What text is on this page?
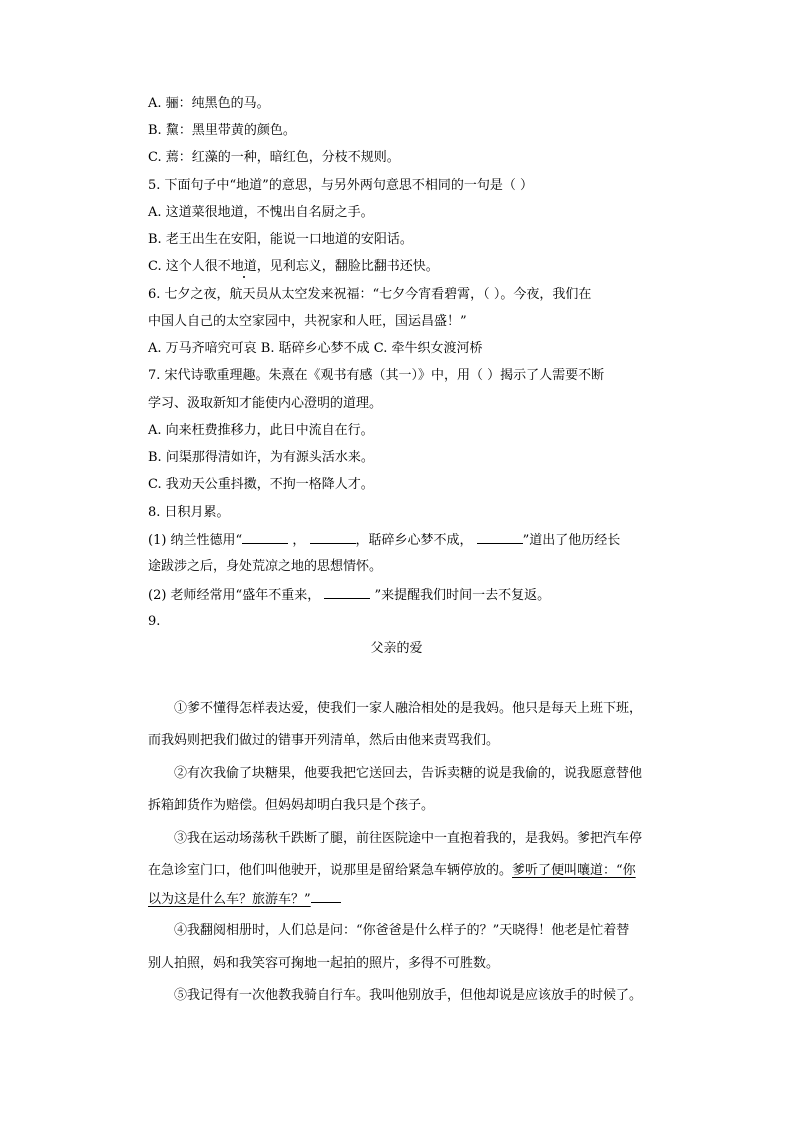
A. 骊：纯黑色的马。
B. 黧：黑里带黄的颜色。
C. 蔫：红藻的一种，暗红色，分枝不规则。
5. 下面句子中“地道”的意思，与另外两句意思不相同的一句是（ ）
A. 这道菜很地道，不愧出自名厨之手。
B. 老王出生在安阳，能说一口地道的安阳话。
C. 这个人很不地道，见利忘义，翻脸比翻书还快。
6. 七夕之夜，航天员从太空发来祝福：“七夕今宵看碧霄，（ ）。今夜，我们在
中国人自己的太空家园中，共祝家和人旺，国运昌盛！”
A. 万马齐喑究可哀 B. 聒碎乡心梦不成 C. 牵牛织女渡河桥
7. 宋代诗歌重理趣。朱熹在《观书有感（其一）》中，用（ ）揭示了人需要不断
学习、汲取新知才能使内心澄明的道理。
A. 向来枉费推移力，此日中流自在行。
B. 问渠那得清如许，为有源头活水来。
C. 我劝天公重抖擞，不拘一格降人才。
8. 日积月累。
(1) 纳兰性德用“	，	，聒碎乡心梦不成，	”道出了他历经长
途跋涉之后，身处荒凉之地的思想情怀。
(2) 老师经常用“盛年不重来，	”来提醒我们时间一去不复返。
9.
父亲的爱
①爹不懂得怎样表达爱，使我们一家人融洽相处的是我妈。他只是每天上班下班，
而我妈则把我们做过的错事开列清单，然后由他来责骂我们。
②有次我偷了块糖果，他要我把它送回去，告诉卖糖的说是我偷的，说我愿意替他
拆箱卸货作为赔偿。但妈妈却明白我只是个孩子。
③我在运动场荡秋千跌断了腿，前往医院途中一直抱着我的，是我妈。爹把汽车停
在急诊室门口，他们叫他驶开，说那里是留给紧急车辆停放的。爹听了便叫嚷道：“你
以为这是什么车？旅游车？”
④我翻阅相册时，人们总是问：“你爸爸是什么样子的？”天晓得！他老是忙着替
别人拍照，妈和我笑容可掬地一起拍的照片，多得不可胜数。
⑤我记得有一次他教我骑自行车。我叫他别放手，但他却说是应该放手的时候了。
